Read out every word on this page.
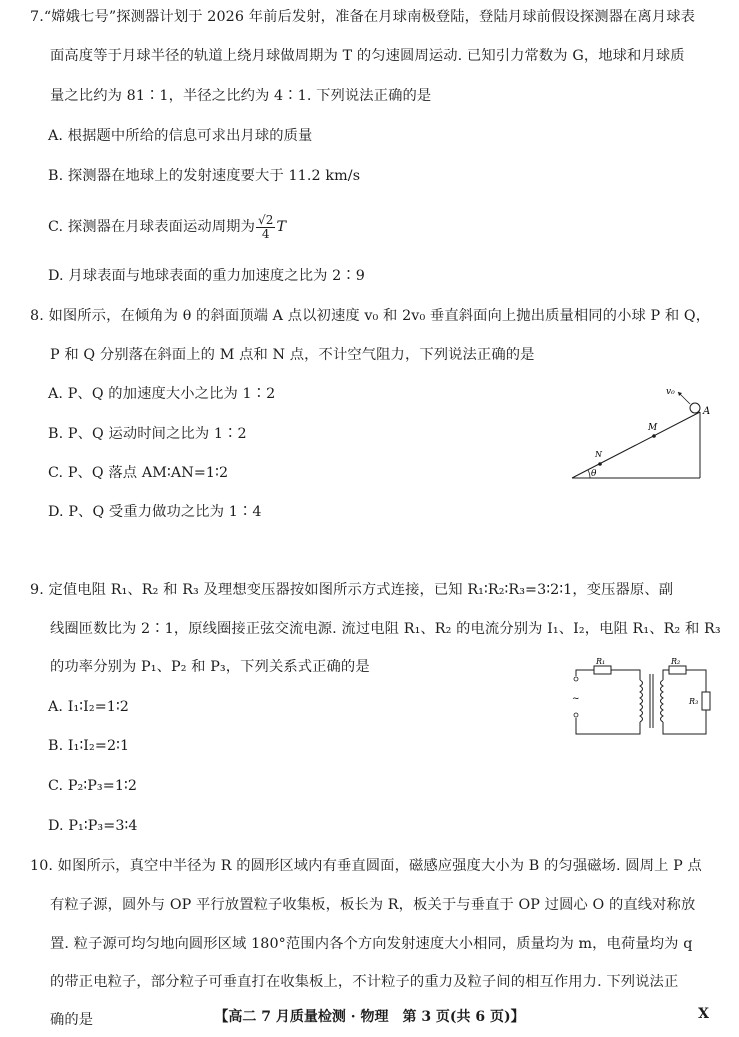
7.“嫦娥七号”探测器计划于 2026 年前后发射，准备在月球南极登陆，登陆月球前假设探测器在离月球表
面高度等于月球半径的轨道上绕月球做周期为 T 的匀速圆周运动. 已知引力常数为 G，地球和月球质
量之比约为 81∶1，半径之比约为 4∶1. 下列说法正确的是
A. 根据题中所给的信息可求出月球的质量
B. 探测器在地球上的发射速度要大于 11.2 km/s
C. 探测器在月球表面运动周期为 $\frac{√2}{4}$ T
D. 月球表面与地球表面的重力加速度之比为 2∶9
8. 如图所示，在倾角为 θ 的斜面顶端 A 点以初速度 v₀ 和 2v₀ 垂直斜面向上抛出质量相同的小球 P 和 Q，
P 和 Q 分别落在斜面上的 M 点和 N 点，不计空气阻力，下列说法正确的是
A. P、Q 的加速度大小之比为 1∶2
B. P、Q 运动时间之比为 1∶2
C. P、Q 落点 AM∶AN=1∶2
D. P、Q 受重力做功之比为 1∶4
v₀
A
M
N
θ
9. 定值电阻 R₁、R₂ 和 R₃ 及理想变压器按如图所示方式连接，已知 R₁∶R₂∶R₃=3∶2∶1，变压器原、副
线圈匝数比为 2∶1，原线圈接正弦交流电源. 流过电阻 R₁、R₂ 的电流分别为 I₁、I₂，电阻 R₁、R₂ 和 R₃
的功率分别为 P₁、P₂ 和 P₃，下列关系式正确的是
A. I₁∶I₂=1∶2
B. I₁∶I₂=2∶1
C. P₂∶P₃=1∶2
D. P₁∶P₃=3∶4
~
R₁	R₂
R₃
10. 如图所示，真空中半径为 R 的圆形区域内有垂直圆面，磁感应强度大小为 B 的匀强磁场. 圆周上 P 点
有粒子源，圆外与 OP 平行放置粒子收集板，板长为 R，板关于与垂直于 OP 过圆心 O 的直线对称放
置. 粒子源可均匀地向圆形区域 180°范围内各个方向发射速度大小相同，质量均为 m，电荷量均为 q
的带正电粒子，部分粒子可垂直打在收集板上，不计粒子的重力及粒子间的相互作用力. 下列说法正
确的是	【高二 7 月质量检测 · 物理　第 3 页(共 6 页)】	X
